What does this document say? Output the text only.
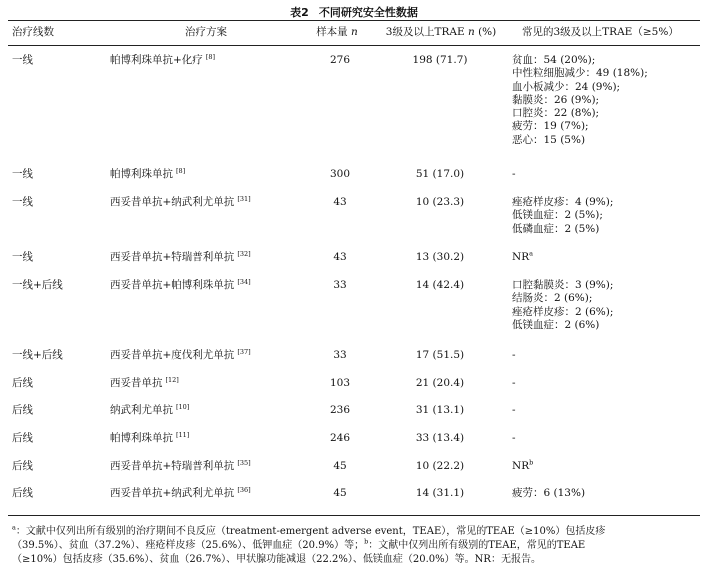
表2 不同研究安全性数据
治疗线数	治疗方案	样本量 n	3级及以上TRAE n (%)	常见的3级及以上TRAE（≥5%）
一线	帕博利珠单抗+化疗 [8]	276	198 (71.7)	贫血：54 (20%);
中性粒细胞减少：49 (18%);
血小板减少：24 (9%);
黏膜炎：26 (9%);
口腔炎：22 (8%);
疲劳：19 (7%);
恶心：15 (5%)
一线	帕博利珠单抗 [8]	300	51 (17.0)	-
一线	西妥昔单抗+纳武利尤单抗 [31]	43	10 (23.3)	痤疮样皮疹：4 (9%);
低镁血症：2 (5%);
低磷血症：2 (5%)
一线	西妥昔单抗+特瑞普利单抗 [32]	43	13 (30.2)	$NR^a$
一线+后线	西妥昔单抗+帕博利珠单抗 [34]	33	14 (42.4)	口腔黏膜炎：3 (9%);
结肠炎：2 (6%);
痤疮样皮疹：2 (6%);
低镁血症：2 (6%)
一线+后线	西妥昔单抗+度伐利尤单抗 [37]	33	17 (51.5)	-
后线	西妥昔单抗 [12]	103	21 (20.4)	-
后线	纳武利尤单抗 [10]	236	31 (13.1)	-
后线	帕博利珠单抗 [11]	246	33 (13.4)	-
后线	西妥昔单抗+特瑞普利单抗 [35]	45	10 (22.2)	$NR^b$
后线	西妥昔单抗+纳武利尤单抗 [36]	45	14 (31.1)	疲劳：6 (13%)
$^a$：文献中仅列出所有级别的治疗期间不良反应（treatment-emergent adverse event，TEAE），常见的TEAE（≥10%）包括皮疹
（39.5%）、贫血（37.2%）、痤疮样皮疹（25.6%）、低钾血症（20.9%）等；$^b$：文献中仅列出所有级别的TEAE，常见的TEAE
（≥10%）包括皮疹（35.6%）、贫血（26.7%）、甲状腺功能减退（22.2%）、低镁血症（20.0%）等。NR：无报告。
